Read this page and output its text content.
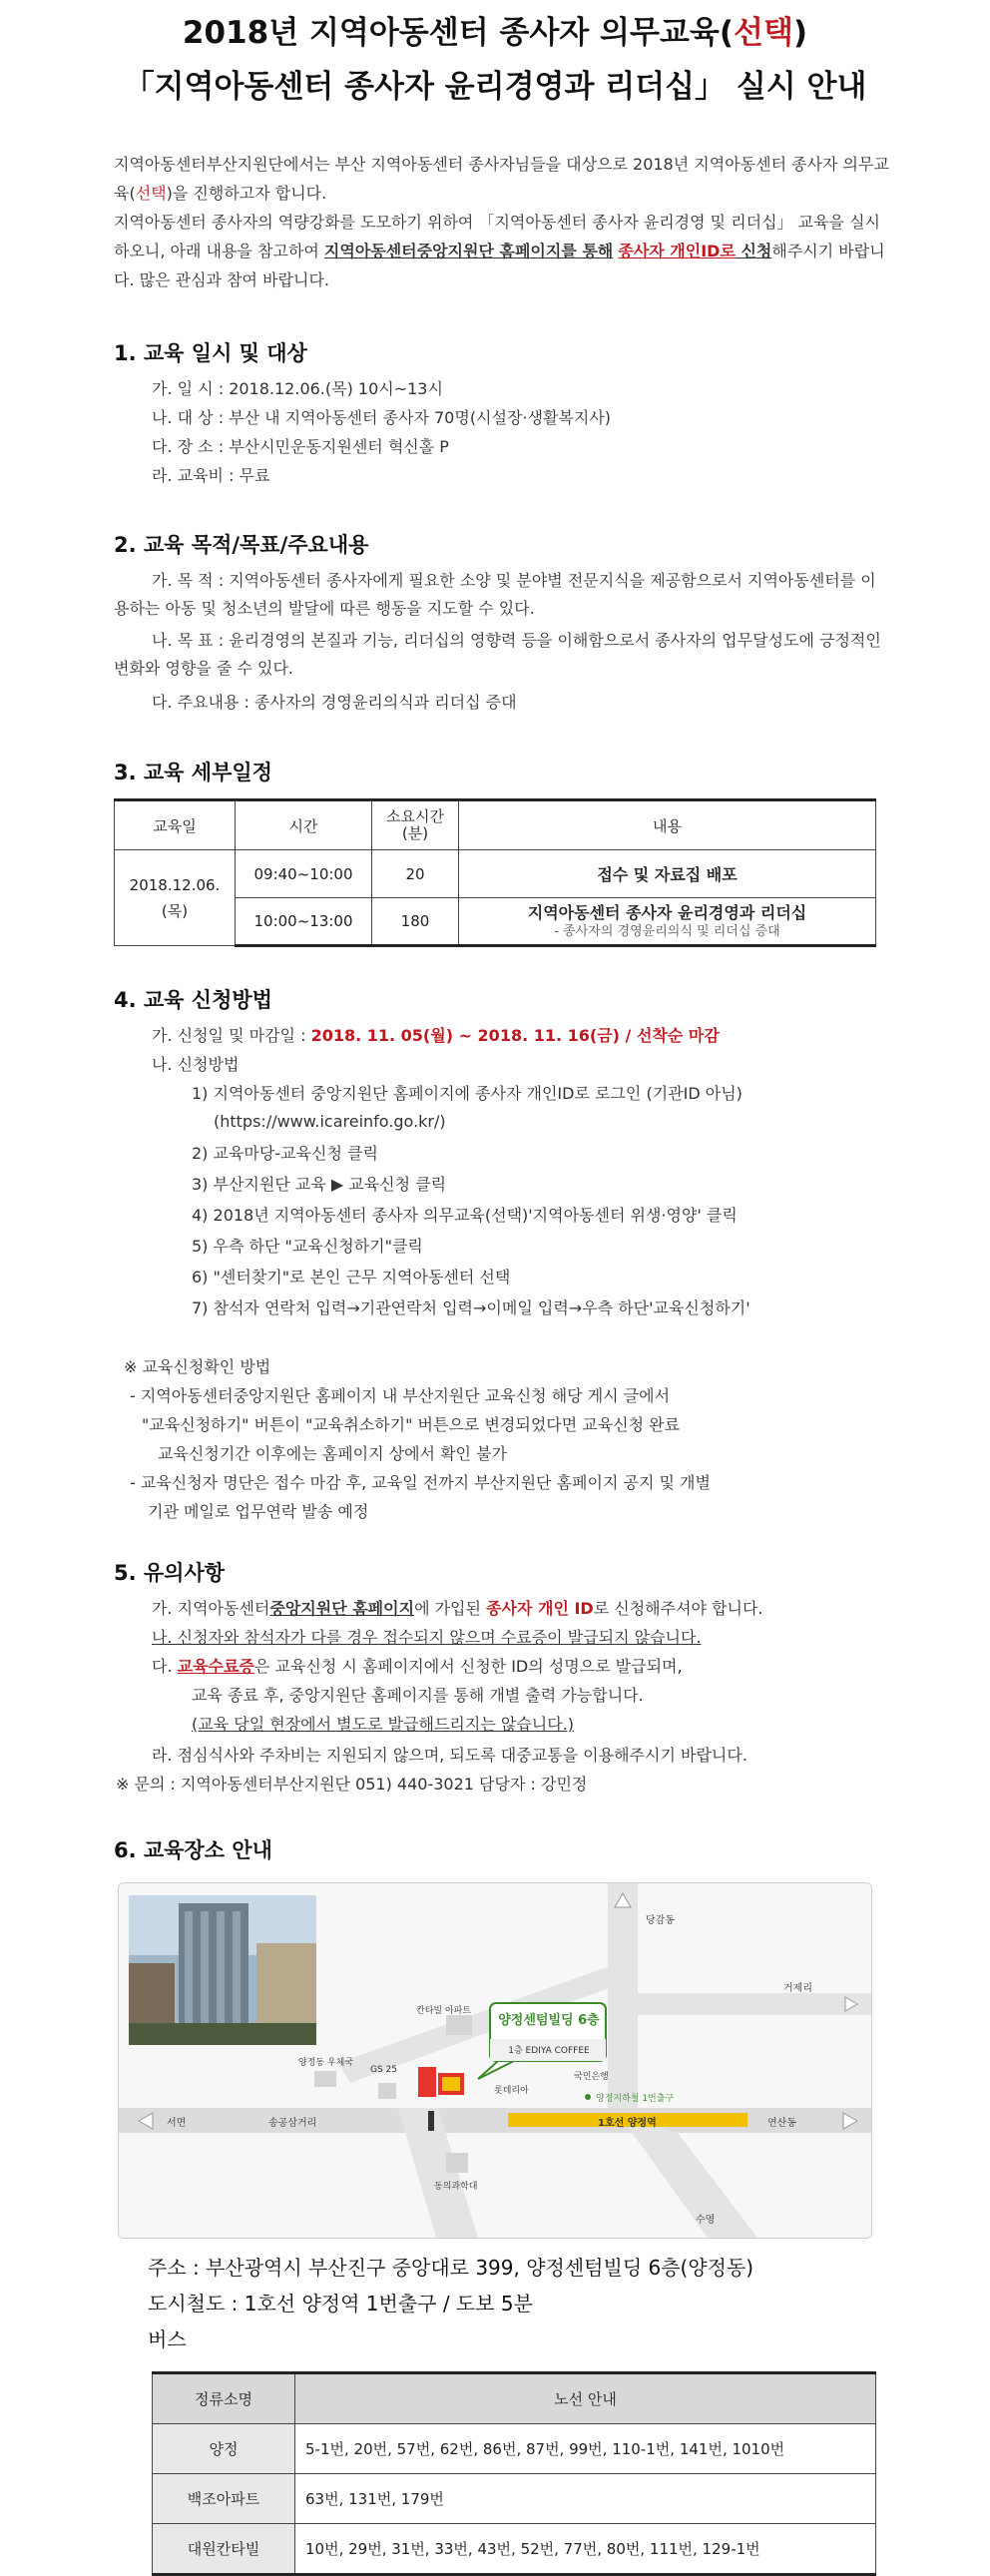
2018년 지역아동센터 종사자 의무교육(선택)
「지역아동센터 종사자 윤리경영과 리더십」 실시 안내

지역아동센터부산지원단에서는 부산 지역아동센터 종사자님들을 대상으로 2018년 지역아동센터 종사자 의무교육(선택)을 진행하고자 합니다.

지역아동센터 종사자의 역량강화를 도모하기 위하여 「지역아동센터 종사자 윤리경영 및 리더십」 교육을 실시하오니, 아래 내용을 참고하여 지역아동센터중앙지원단 홈페이지를 통해 종사자 개인ID로 신청해주시기 바랍니다. 많은 관심과 참여 바랍니다.

1. 교육 일시 및 대상
가. 일 시 : 2018.12.06.(목) 10시~13시
나. 대 상 : 부산 내 지역아동센터 종사자 70명(시설장·생활복지사)
다. 장 소 : 부산시민운동지원센터 혁신홀 P
라. 교육비 : 무료
2. 교육 목적/목표/주요내용
가. 목 적 : 지역아동센터 종사자에게 필요한 소양 및 분야별 전문지식을 제공함으로서 지역아동센터를 이용하는 아동 및 청소년의 발달에 따른 행동을 지도할 수 있다.
나. 목 표 : 윤리경영의 본질과 기능, 리더십의 영향력 등을 이해함으로서 종사자의 업무달성도에 긍정적인 변화와 영향을 줄 수 있다.
다. 주요내용 : 종사자의 경영윤리의식과 리더십 증대
3. 교육 세부일정
교육일	시간	소요시간(분)	내용
2018.12.06.
(목)	09:40~10:00	20	접수 및 자료집 배포
	10:00~13:00	180	지역아동센터 종사자 윤리경영과 리더십
- 종사자의 경영윤리의식 및 리더십 증대
4. 교육 신청방법
가. 신청일 및 마감일 : 2018. 11. 05(월) ~ 2018. 11. 16(금) / 선착순 마감
나. 신청방법
1) 지역아동센터 중앙지원단 홈페이지에 종사자 개인ID로 로그인 (기관ID 아님)
(https://www.icareinfo.go.kr/)
2) 교육마당-교육신청 클릭
3) 부산지원단 교육 ▶ 교육신청 클릭
4) 2018년 지역아동센터 종사자 의무교육(선택)'지역아동센터 위생·영양' 클릭
5) 우측 하단 "교육신청하기"클릭
6) "센터찾기"로 본인 근무 지역아동센터 선택
7) 참석자 연락처 입력→기관연락처 입력→이메일 입력→우측 하단'교육신청하기'
※ 교육신청확인 방법
- 지역아동센터중앙지원단 홈페이지 내 부산지원단 교육신청 해당 게시 글에서
"교육신청하기" 버튼이 "교육취소하기" 버튼으로 변경되었다면 교육신청 완료
교육신청기간 이후에는 홈페이지 상에서 확인 불가
- 교육신청자 명단은 접수 마감 후, 교육일 전까지 부산지원단 홈페이지 공지 및 개별
기관 메일로 업무연락 발송 예정
5. 유의사항
가. 지역아동센터중앙지원단 홈페이지에 가입된 종사자 개인 ID로 신청해주셔야 합니다.
나. 신청자와 참석자가 다를 경우 접수되지 않으며 수료증이 발급되지 않습니다.
다. 교육수료증은 교육신청 시 홈페이지에서 신청한 ID의 성명으로 발급되며,
교육 종료 후, 중앙지원단 홈페이지를 통해 개별 출력 가능합니다.
(교육 당일 현장에서 별도로 발급해드리지는 않습니다.)
라. 점심식사와 주차비는 지원되지 않으며, 되도록 대중교통을 이용해주시기 바랍니다.
※ 문의 : 지역아동센터부산지원단 051) 440-3021 담당자 : 강민정
6. 교육장소 안내
당감동
거제리
서면	송공삼거리	연산동
수영
양정센텀빌딩 6층
1층 EDIYA COFFEE
1호선 양정역
양정지하철 1번출구
칸타빌 아파트
양정동 우체국
GS 25
국민은행
롯데리아
동의과학대
주소 : 부산광역시 부산진구 중앙대로 399, 양정센텀빌딩 6층(양정동)
도시철도 : 1호선 양정역 1번출구 / 도보 5분
버스
정류소명	노선 안내
양정	5-1번, 20번, 57번, 62번, 86번, 87번, 99번, 110-1번, 141번, 1010번
백조아파트	63번, 131번, 179번
대원칸타빌	10번, 29번, 31번, 33번, 43번, 52번, 77번, 80번, 111번, 129-1번
